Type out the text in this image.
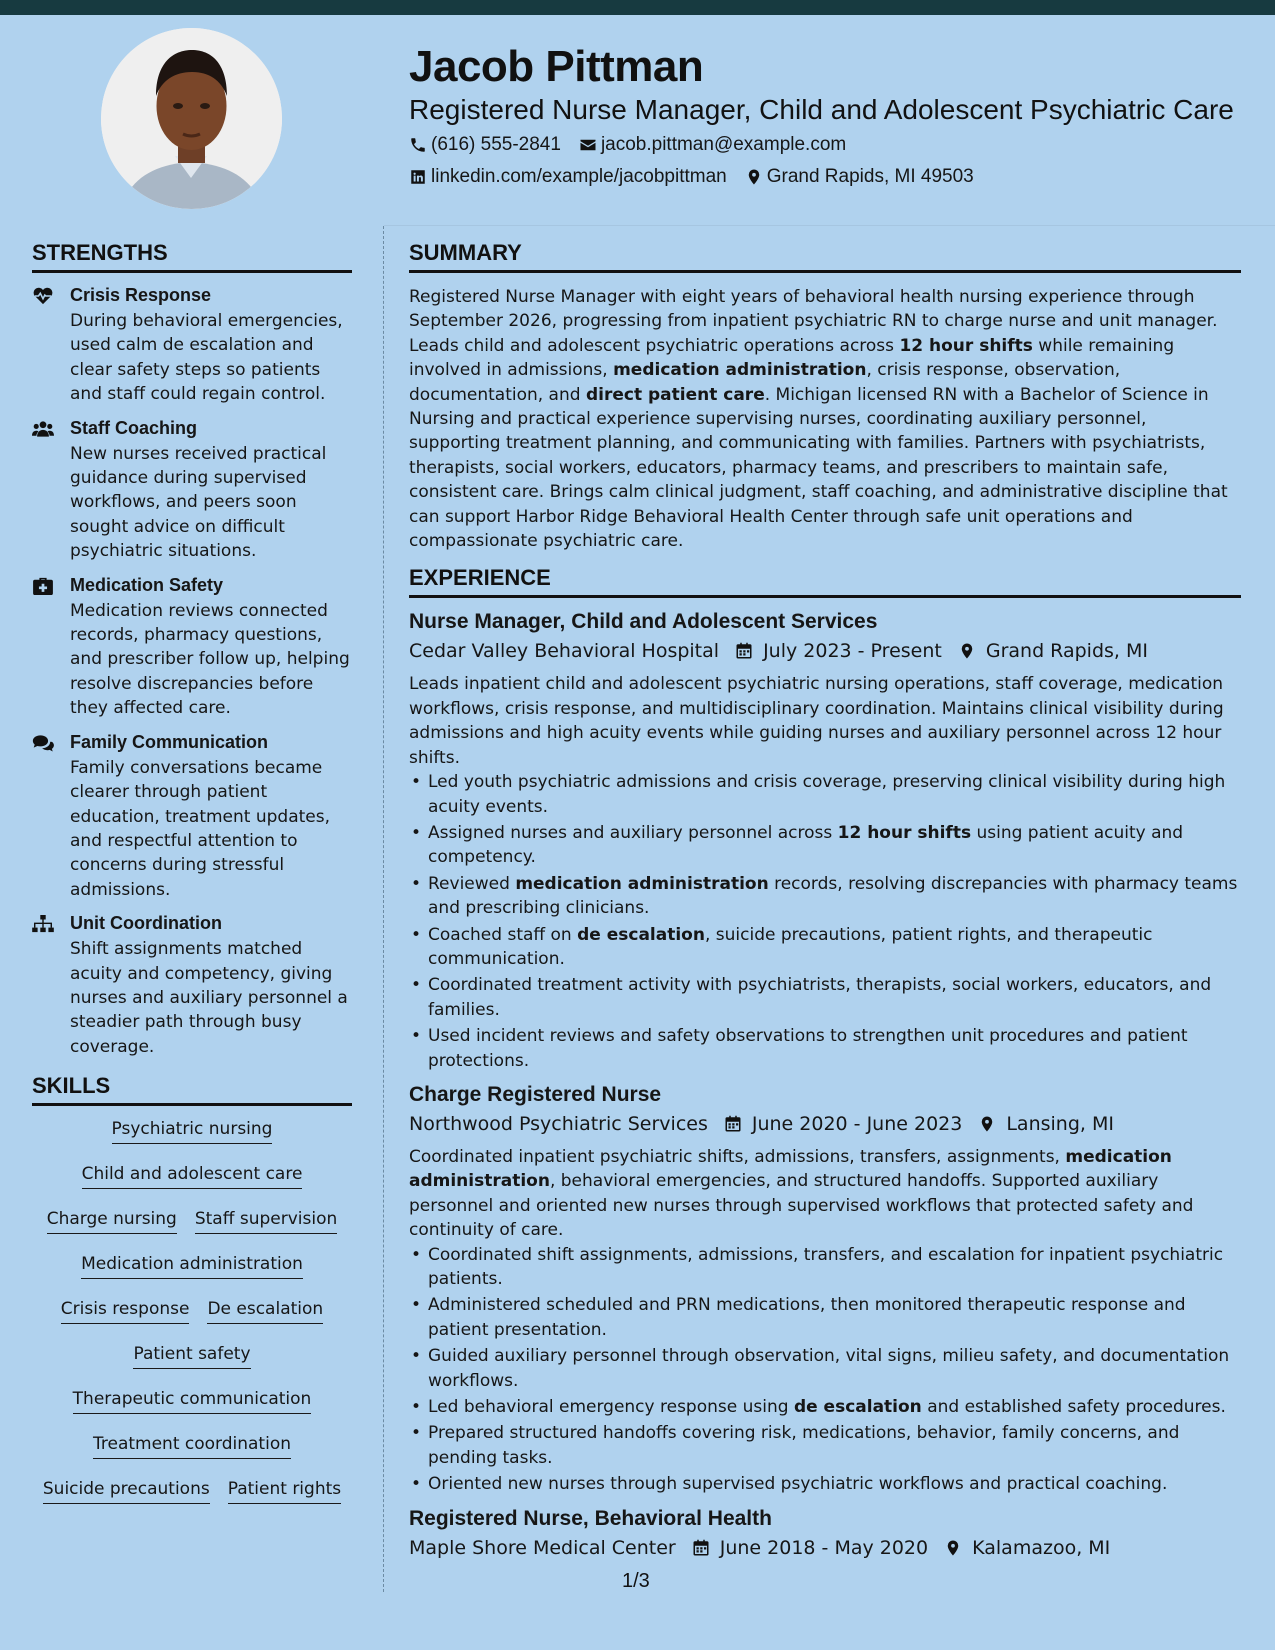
Jacob Pittman
Registered Nurse Manager, Child and Adolescent Psychiatric Care
(616) 555-2841 jacob.pittman@example.com
linkedin.com/example/jacobpittman Grand Rapids, MI 49503
STRENGTHS
Crisis Response
During behavioral emergencies, used calm de escalation and clear safety steps so patients and staff could regain control.
Staff Coaching
New nurses received practical guidance during supervised workflows, and peers soon sought advice on difficult psychiatric situations.
Medication Safety
Medication reviews connected records, pharmacy questions, and prescriber follow up, helping resolve discrepancies before they affected care.
Family Communication
Family conversations became clearer through patient education, treatment updates, and respectful attention to concerns during stressful admissions.
Unit Coordination
Shift assignments matched acuity and competency, giving nurses and auxiliary personnel a steadier path through busy coverage.
SKILLS
Psychiatric nursing
Child and adolescent care
Charge nursing Staff supervision
Medication administration
Crisis response De escalation
Patient safety
Therapeutic communication
Treatment coordination
Suicide precautions Patient rights
SUMMARY

Registered Nurse Manager with eight years of behavioral health nursing experience through September 2026, progressing from inpatient psychiatric RN to charge nurse and unit manager. Leads child and adolescent psychiatric operations across 12 hour shifts while remaining involved in admissions, medication administration, crisis response, observation, documentation, and direct patient care. Michigan licensed RN with a Bachelor of Science in Nursing and practical experience supervising nurses, coordinating auxiliary personnel, supporting treatment planning, and communicating with families. Partners with psychiatrists, therapists, social workers, educators, pharmacy teams, and prescribers to maintain safe, consistent care. Brings calm clinical judgment, staff coaching, and administrative discipline that can support Harbor Ridge Behavioral Health Center through safe unit operations and compassionate psychiatric care.

EXPERIENCE
Nurse Manager, Child and Adolescent Services
Cedar Valley Behavioral Hospital July 2023 - Present Grand Rapids, MI

Leads inpatient child and adolescent psychiatric nursing operations, staff coverage, medication workflows, crisis response, and multidisciplinary coordination. Maintains clinical visibility during admissions and high acuity events while guiding nurses and auxiliary personnel across 12 hour shifts.

• Led youth psychiatric admissions and crisis coverage, preserving clinical visibility during high acuity events.
• Assigned nurses and auxiliary personnel across 12 hour shifts using patient acuity and competency.
• Reviewed medication administration records, resolving discrepancies with pharmacy teams and prescribing clinicians.
• Coached staff on de escalation, suicide precautions, patient rights, and therapeutic communication.
• Coordinated treatment activity with psychiatrists, therapists, social workers, educators, and families.
• Used incident reviews and safety observations to strengthen unit procedures and patient protections.
Charge Registered Nurse
Northwood Psychiatric Services June 2020 - June 2023 Lansing, MI

Coordinated inpatient psychiatric shifts, admissions, transfers, assignments, medication administration, behavioral emergencies, and structured handoffs. Supported auxiliary personnel and oriented new nurses through supervised workflows that protected safety and continuity of care.

• Coordinated shift assignments, admissions, transfers, and escalation for inpatient psychiatric patients.
• Administered scheduled and PRN medications, then monitored therapeutic response and patient presentation.
• Guided auxiliary personnel through observation, vital signs, milieu safety, and documentation workflows.
• Led behavioral emergency response using de escalation and established safety procedures.
• Prepared structured handoffs covering risk, medications, behavior, family concerns, and pending tasks.
• Oriented new nurses through supervised psychiatric workflows and practical coaching.
Registered Nurse, Behavioral Health
Maple Shore Medical Center June 2018 - May 2020 Kalamazoo, MI
1/3
